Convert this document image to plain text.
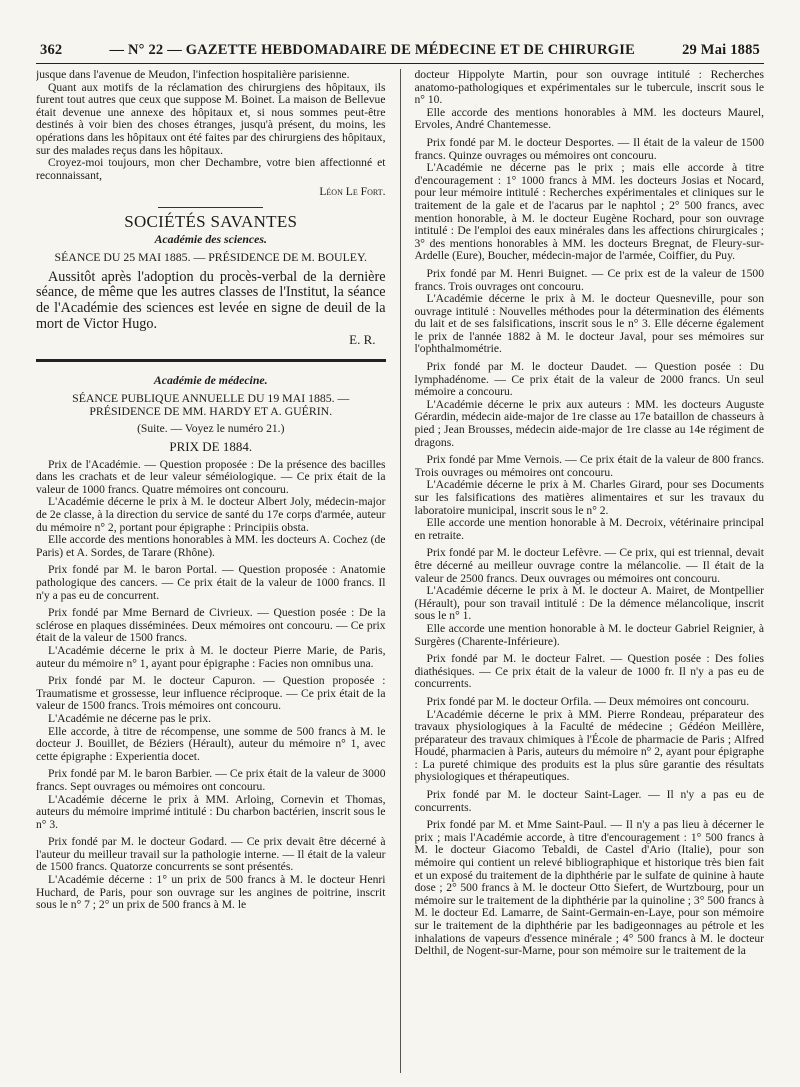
362	— N° 22 — GAZETTE HEBDOMADAIRE DE MÉDECINE ET DE CHIRURGIE	29 Mai 1885

jusque dans l'avenue de Meudon, l'infection hospitalière parisienne.

Quant aux motifs de la réclamation des chirurgiens des hôpitaux, ils furent tout autres que ceux que suppose M. Boinet. La maison de Bellevue était devenue une annexe des hôpitaux et, si nous sommes peut-être destinés à voir bien des choses étranges, jusqu'à présent, du moins, les opérations dans les hôpitaux ont été faites par des chirurgiens des hôpitaux, sur des malades reçus dans les hôpitaux.

Croyez-moi toujours, mon cher Dechambre, votre bien affectionné et reconnaissant,

Léon Le Fort.

SOCIÉTÉS SAVANTES
Académie des sciences.
SÉANCE DU 25 MAI 1885. — PRÉSIDENCE DE M. BOULEY.

Aussitôt après l'adoption du procès-verbal de la dernière séance, de même que les autres classes de l'Institut, la séance de l'Académie des sciences est levée en signe de deuil de la mort de Victor Hugo.

E. R.

Académie de médecine.
SÉANCE PUBLIQUE ANNUELLE DU 19 MAI 1885. — PRÉSIDENCE DE MM. HARDY ET A. GUÉRIN.

(Suite. — Voyez le numéro 21.)

PRIX DE 1884.

Prix de l'Académie. — Question proposée : De la présence des bacilles dans les crachats et de leur valeur séméiologique. — Ce prix était de la valeur de 1000 francs. Quatre mémoires ont concouru.

L'Académie décerne le prix à M. le docteur Albert Joly, médecin-major de 2e classe, à la direction du service de santé du 17e corps d'armée, auteur du mémoire n° 2, portant pour épigraphe : Principiis obsta.

Elle accorde des mentions honorables à MM. les docteurs A. Cochez (de Paris) et A. Sordes, de Tarare (Rhône).

Prix fondé par M. le baron Portal. — Question proposée : Anatomie pathologique des cancers. — Ce prix était de la valeur de 1000 francs. Il n'y a pas eu de concurrent.

Prix fondé par Mme Bernard de Civrieux. — Question posée : De la sclérose en plaques disséminées. Deux mémoires ont concouru. — Ce prix était de la valeur de 1500 francs.

L'Académie décerne le prix à M. le docteur Pierre Marie, de Paris, auteur du mémoire n° 1, ayant pour épigraphe : Facies non omnibus una.

Prix fondé par M. le docteur Capuron. — Question proposée : Traumatisme et grossesse, leur influence réciproque. — Ce prix était de la valeur de 1500 francs. Trois mémoires ont concouru.

L'Académie ne décerne pas le prix.

Elle accorde, à titre de récompense, une somme de 500 francs à M. le docteur J. Bouillet, de Béziers (Hérault), auteur du mémoire n° 1, avec cette épigraphe : Experientia docet.

Prix fondé par M. le baron Barbier. — Ce prix était de la valeur de 3000 francs. Sept ouvrages ou mémoires ont concouru.

L'Académie décerne le prix à MM. Arloing, Cornevin et Thomas, auteurs du mémoire imprimé intitulé : Du charbon bactérien, inscrit sous le n° 3.

Prix fondé par M. le docteur Godard. — Ce prix devait être décerné à l'auteur du meilleur travail sur la pathologie interne. — Il était de la valeur de 1500 francs. Quatorze concurrents se sont présentés.

L'Académie décerne : 1° un prix de 500 francs à M. le docteur Henri Huchard, de Paris, pour son ouvrage sur les angines de poitrine, inscrit sous le n° 7 ; 2° un prix de 500 francs à M. le

docteur Hippolyte Martin, pour son ouvrage intitulé : Recherches anatomo-pathologiques et expérimentales sur le tubercule, inscrit sous le n° 10.

Elle accorde des mentions honorables à MM. les docteurs Maurel, Ervoles, André Chantemesse.

Prix fondé par M. le docteur Desportes. — Il était de la valeur de 1500 francs. Quinze ouvrages ou mémoires ont concouru.

L'Académie ne décerne pas le prix ; mais elle accorde à titre d'encouragement : 1° 1000 francs à MM. les docteurs Josias et Nocard, pour leur mémoire intitulé : Recherches expérimentales et cliniques sur le traitement de la gale et de l'acarus par le naphtol ; 2° 500 francs, avec mention honorable, à M. le docteur Eugène Rochard, pour son ouvrage intitulé : De l'emploi des eaux minérales dans les affections chirurgicales ; 3° des mentions honorables à MM. les docteurs Bregnat, de Fleury-sur-Ardelle (Eure), Boucher, médecin-major de l'armée, Coiffier, du Puy.

Prix fondé par M. Henri Buignet. — Ce prix est de la valeur de 1500 francs. Trois ouvrages ont concouru.

L'Académie décerne le prix à M. le docteur Quesneville, pour son ouvrage intitulé : Nouvelles méthodes pour la détermination des éléments du lait et de ses falsifications, inscrit sous le n° 3. Elle décerne également le prix de l'année 1882 à M. le docteur Javal, pour ses mémoires sur l'ophthalmométrie.

Prix fondé par M. le docteur Daudet. — Question posée : Du lymphadénome. — Ce prix était de la valeur de 2000 francs. Un seul mémoire a concouru.

L'Académie décerne le prix aux auteurs : MM. les docteurs Auguste Gérardin, médecin aide-major de 1re classe au 17e bataillon de chasseurs à pied ; Jean Brousses, médecin aide-major de 1re classe au 14e régiment de dragons.

Prix fondé par Mme Vernois. — Ce prix était de la valeur de 800 francs. Trois ouvrages ou mémoires ont concouru.

L'Académie décerne le prix à M. Charles Girard, pour ses Documents sur les falsifications des matières alimentaires et sur les travaux du laboratoire municipal, inscrit sous le n° 2.

Elle accorde une mention honorable à M. Decroix, vétérinaire principal en retraite.

Prix fondé par M. le docteur Lefèvre. — Ce prix, qui est triennal, devait être décerné au meilleur ouvrage contre la mélancolie. — Il était de la valeur de 2500 francs. Deux ouvrages ou mémoires ont concouru.

L'Académie décerne le prix à M. le docteur A. Mairet, de Montpellier (Hérault), pour son travail intitulé : De la démence mélancolique, inscrit sous le n° 1.

Elle accorde une mention honorable à M. le docteur Gabriel Reignier, à Surgères (Charente-Inférieure).

Prix fondé par M. le docteur Falret. — Question posée : Des folies diathésiques. — Ce prix était de la valeur de 1000 fr. Il n'y a pas eu de concurrents.

Prix fondé par M. le docteur Orfila. — Deux mémoires ont concouru.

L'Académie décerne le prix à MM. Pierre Rondeau, préparateur des travaux physiologiques à la Faculté de médecine ; Gédéon Meillère, préparateur des travaux chimiques à l'École de pharmacie de Paris ; Alfred Houdé, pharmacien à Paris, auteurs du mémoire n° 2, ayant pour épigraphe : La pureté chimique des produits est la plus sûre garantie des résultats physiologiques et thérapeutiques.

Prix fondé par M. le docteur Saint-Lager. — Il n'y a pas eu de concurrents.

Prix fondé par M. et Mme Saint-Paul. — Il n'y a pas lieu à décerner le prix ; mais l'Académie accorde, à titre d'encouragement : 1° 500 francs à M. le docteur Giacomo Tebaldi, de Castel d'Ario (Italie), pour son mémoire qui contient un relevé bibliographique et historique très bien fait et un exposé du traitement de la diphthérie par le sulfate de quinine à haute dose ; 2° 500 francs à M. le docteur Otto Siefert, de Wurtzbourg, pour un mémoire sur le traitement de la diphthérie par la quinoline ; 3° 500 francs à M. le docteur Ed. Lamarre, de Saint-Germain-en-Laye, pour son mémoire sur le traitement de la diphthérie par les badigeonnages au pétrole et les inhalations de vapeurs d'essence minérale ; 4° 500 francs à M. le docteur Delthil, de Nogent-sur-Marne, pour son mémoire sur le traitement de la
